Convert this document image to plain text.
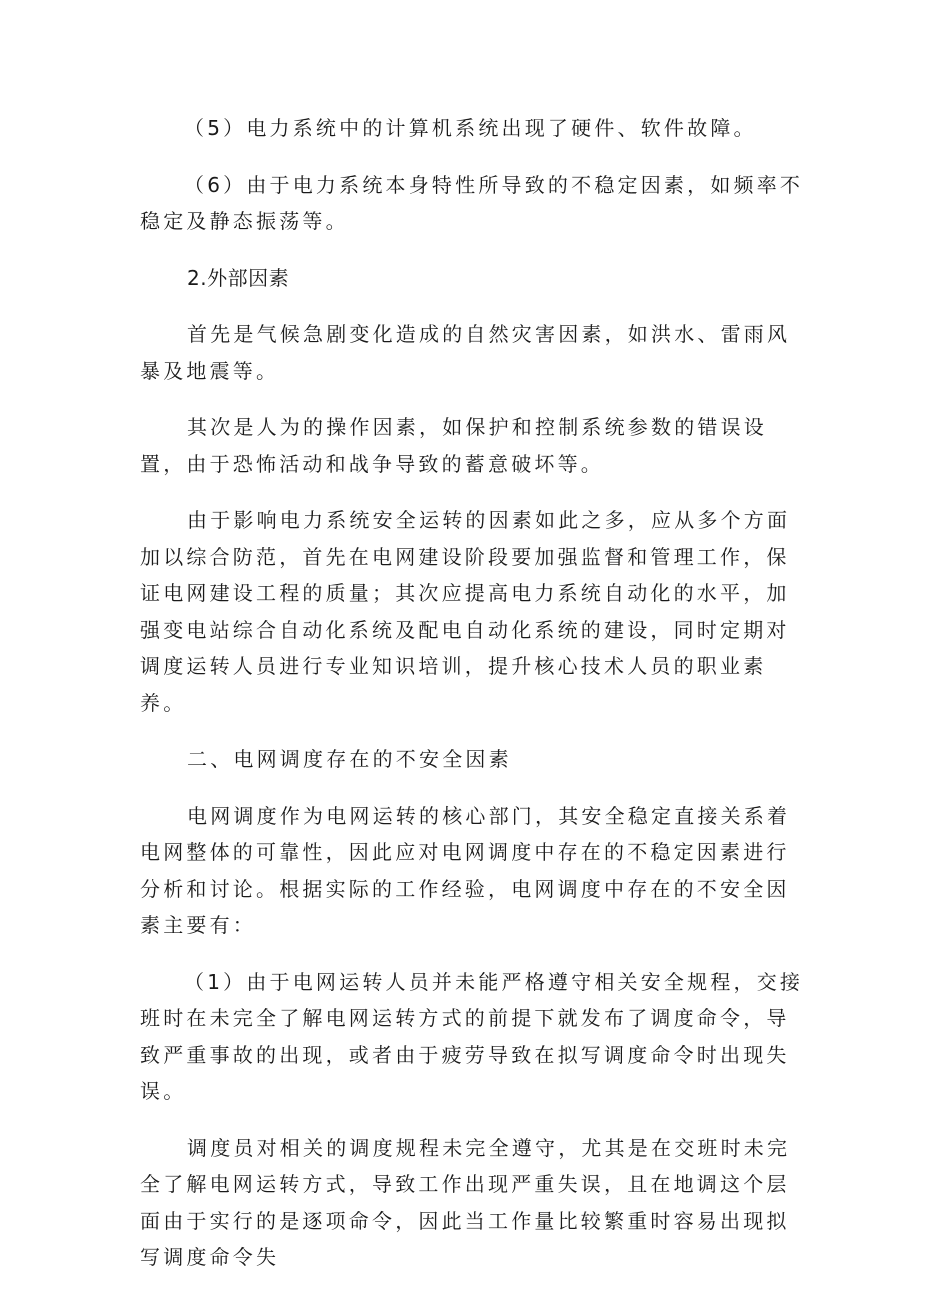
（5）电力系统中的计算机系统出现了硬件、软件故障。

（6）由于电力系统本身特性所导致的不稳定因素，如频率不稳定及静态振荡等。

2.外部因素

首先是气候急剧变化造成的自然灾害因素，如洪水、雷雨风暴及地震等。

其次是人为的操作因素，如保护和控制系统参数的错误设置，由于恐怖活动和战争导致的蓄意破坏等。

由于影响电力系统安全运转的因素如此之多，应从多个方面加以综合防范，首先在电网建设阶段要加强监督和管理工作，保证电网建设工程的质量；其次应提高电力系统自动化的水平，加强变电站综合自动化系统及配电自动化系统的建设，同时定期对调度运转人员进行专业知识培训，提升核心技术人员的职业素养。

二、电网调度存在的不安全因素

电网调度作为电网运转的核心部门，其安全稳定直接关系着电网整体的可靠性，因此应对电网调度中存在的不稳定因素进行分析和讨论。根据实际的工作经验，电网调度中存在的不安全因素主要有：

（1）由于电网运转人员并未能严格遵守相关安全规程，交接班时在未完全了解电网运转方式的前提下就发布了调度命令，导致严重事故的出现，或者由于疲劳导致在拟写调度命令时出现失误。

调度员对相关的调度规程未完全遵守，尤其是在交班时未完全了解电网运转方式，导致工作出现严重失误，且在地调这个层面由于实行的是逐项命令，因此当工作量比较繁重时容易出现拟写调度命令失
